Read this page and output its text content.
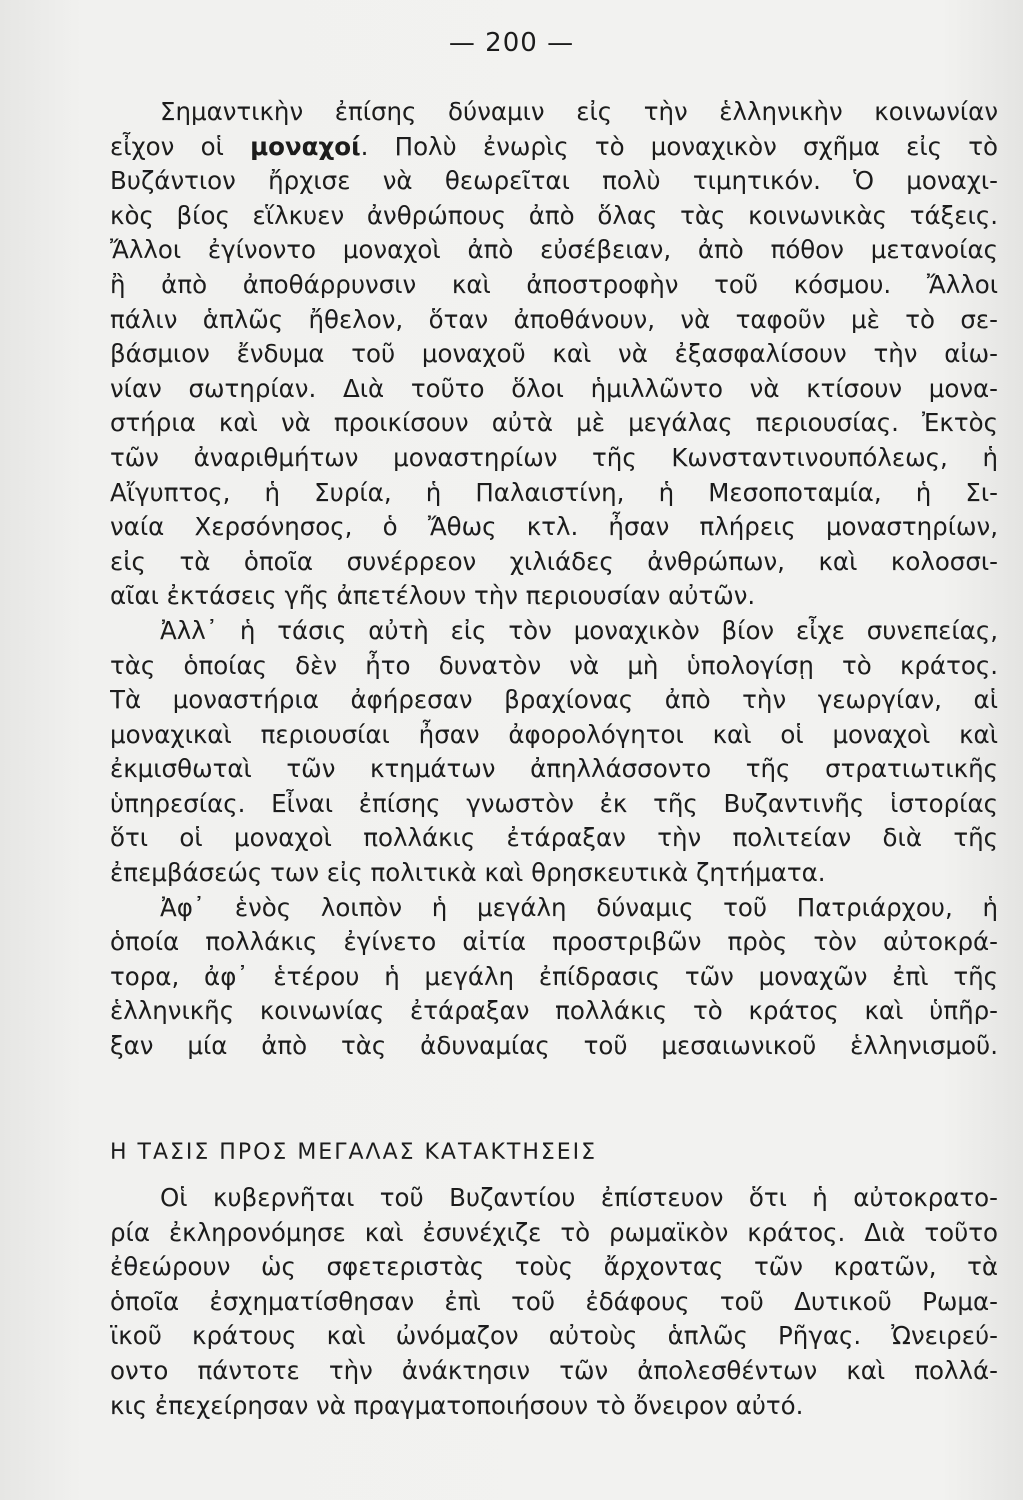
— 200 —
Σημαντικὴν ἐπίσης δύναμιν εἰς τὴν ἑλληνικὴν κοινωνίαν
εἶχον οἱ μοναχοί. Πολὺ ἐνωρὶς τὸ μοναχικὸν σχῆμα εἰς τὸ
Βυζάντιον ἤρχισε νὰ θεωρεῖται πολὺ τιμητικόν. Ὁ μοναχι-
κὸς βίος εἵλκυεν ἀνθρώπους ἀπὸ ὅλας τὰς κοινωνικὰς τάξεις.
Ἄλλοι ἐγίνοντο μοναχοὶ ἀπὸ εὐσέβειαν, ἀπὸ πόθον μετανοίας
ἢ ἀπὸ ἀποθάρρυνσιν καὶ ἀποστροφὴν τοῦ κόσμου. Ἄλλοι
πάλιν ἁπλῶς ἤθελον, ὅταν ἀποθάνουν, νὰ ταφοῦν μὲ τὸ σε-
βάσμιον ἔνδυμα τοῦ μοναχοῦ καὶ νὰ ἐξασφαλίσουν τὴν αἰω-
νίαν σωτηρίαν. Διὰ τοῦτο ὅλοι ἡμιλλῶντο νὰ κτίσουν μονα-
στήρια καὶ νὰ προικίσουν αὐτὰ μὲ μεγάλας περιουσίας. Ἐκτὸς
τῶν ἀναριθμήτων μοναστηρίων τῆς Κωνσταντινουπόλεως, ἡ
Αἴγυπτος, ἡ Συρία, ἡ Παλαιστίνη, ἡ Μεσοποταμία, ἡ Σι-
ναία Χερσόνησος, ὁ Ἄθως κτλ. ἦσαν πλήρεις μοναστηρίων,
εἰς τὰ ὁποῖα συνέρρεον χιλιάδες ἀνθρώπων, καὶ κολοσσι-
αῖαι ἐκτάσεις γῆς ἀπετέλουν τὴν περιουσίαν αὐτῶν.
Ἀλλ᾽ ἡ τάσις αὐτὴ εἰς τὸν μοναχικὸν βίον εἶχε συνεπείας,
τὰς ὁποίας δὲν ἦτο δυνατὸν νὰ μὴ ὑπολογίσῃ τὸ κράτος.
Τὰ μοναστήρια ἀφήρεσαν βραχίονας ἀπὸ τὴν γεωργίαν, αἱ
μοναχικαὶ περιουσίαι ἦσαν ἀφορολόγητοι καὶ οἱ μοναχοὶ καὶ
ἐκμισθωταὶ τῶν κτημάτων ἀπηλλάσσοντο τῆς στρατιωτικῆς
ὑπηρεσίας. Εἶναι ἐπίσης γνωστὸν ἐκ τῆς Βυζαντινῆς ἱστορίας
ὅτι οἱ μοναχοὶ πολλάκις ἐτάραξαν τὴν πολιτείαν διὰ τῆς
ἐπεμβάσεώς των εἰς πολιτικὰ καὶ θρησκευτικὰ ζητήματα.
Ἀφ᾽ ἑνὸς λοιπὸν ἡ μεγάλη δύναμις τοῦ Πατριάρχου, ἡ
ὁποία πολλάκις ἐγίνετο αἰτία προστριβῶν πρὸς τὸν αὐτοκρά-
τορα, ἀφ᾽ ἑτέρου ἡ μεγάλη ἐπίδρασις τῶν μοναχῶν ἐπὶ τῆς
ἑλληνικῆς κοινωνίας ἐτάραξαν πολλάκις τὸ κράτος καὶ ὑπῆρ-
ξαν μία ἀπὸ τὰς ἀδυναμίας τοῦ μεσαιωνικοῦ ἑλληνισμοῦ.
Η ΤΑΣΙΣ ΠΡΟΣ ΜΕΓΑΛΑΣ ΚΑΤΑΚΤΗΣΕΙΣ
Οἱ κυβερνῆται τοῦ Βυζαντίου ἐπίστευον ὅτι ἡ αὐτοκρατο-
ρία ἐκληρονόμησε καὶ ἐσυνέχιζε τὸ ρωμαϊκὸν κράτος. Διὰ τοῦτο
ἐθεώρουν ὡς σφετεριστὰς τοὺς ἄρχοντας τῶν κρατῶν, τὰ
ὁποῖα ἐσχηματίσθησαν ἐπὶ τοῦ ἐδάφους τοῦ Δυτικοῦ Ρωμα-
ϊκοῦ κράτους καὶ ὠνόμαζον αὐτοὺς ἁπλῶς Ρῆγας. Ὠνειρεύ-
οντο πάντοτε τὴν ἀνάκτησιν τῶν ἀπολεσθέντων καὶ πολλά-
κις ἐπεχείρησαν νὰ πραγματοποιήσουν τὸ ὄνειρον αὐτό.
